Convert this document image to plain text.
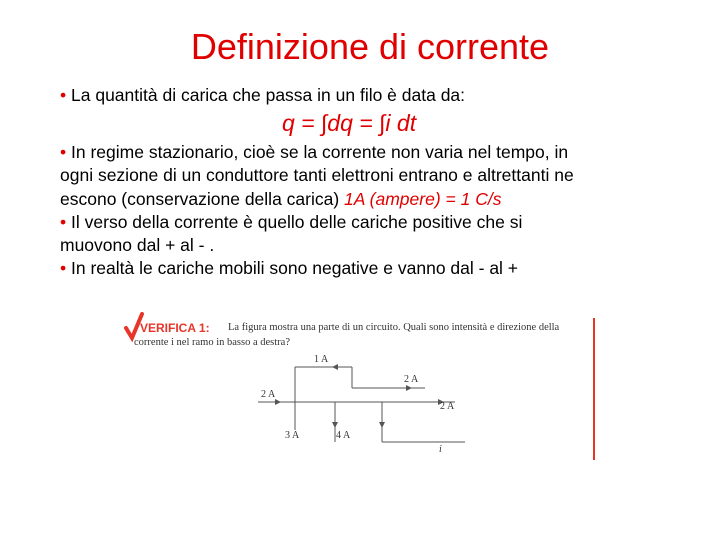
Definizione di corrente
• La quantità di carica che passa in un filo è data da:
q = ∫dq = ∫i dt
• In regime stazionario, cioè se la corrente non varia nel tempo, in
ogni sezione di un conduttore tanti elettroni entrano e altrettanti ne
escono (conservazione della carica) 1A (ampere) = 1 C/s
• Il verso della corrente è quello delle cariche positive che si
muovono dal + al - .
• In realtà le cariche mobili sono negative e vanno dal - al +
VERIFICA 1: La figura mostra una parte di un circuito. Quali sono intensità e direzione della
corrente i nel ramo in basso a destra?
1 A
2 A
2 A
2 A
3 A	4 A
i
